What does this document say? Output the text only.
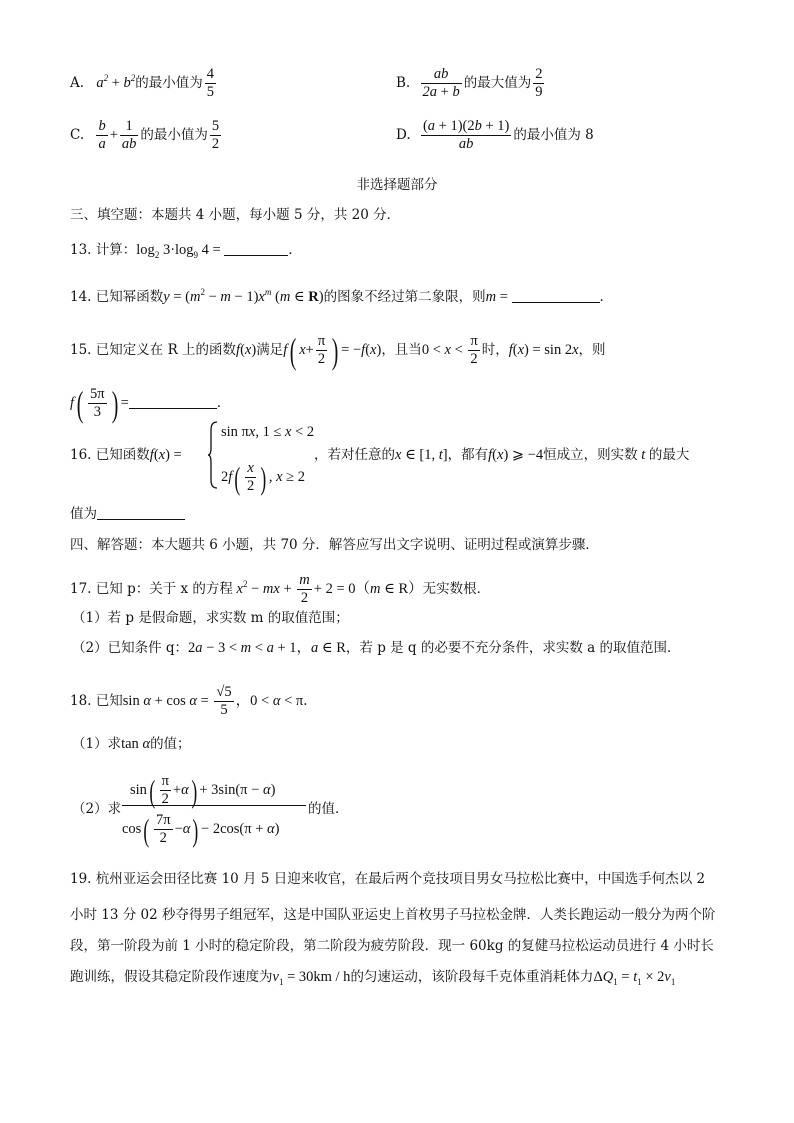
A. $a^2 + b^2$的最小值为 $\frac{4}{5}$	B. $\frac{ab}{2a + b}$ 的最大值为 $\frac{2}{9}$
C. $\frac{b}{a} + \frac{1}{ab}$ 的最小值为 $\frac{5}{2}$	D. $\frac{(a + 1)(2b + 1)}{ab}$ 的最小值为 8
非选择题部分
三、填空题：本题共 4 小题，每小题 5 分，共 20 分．
13. 计算：$\log_2 3\cdot\log_9$ 4 =	．
14. 已知幂函数$y = (m^2 - m - 1)x^m$ (m ∈ R)的图象不经过第二象限，则m =	．
15. 已知定义在 R 上的函数f(x)满足f( $x+ \frac{\pi}{2}$ ) = −f(x)，且当$0 < x < \frac{\pi}{2}$ 时，f(x) = sin 2x，则
$f( \frac{5\pi}{3}$ ) =	．
16. 已知函数f(x) =
sin πx, 1 ≤ x < 2
$2f( \frac{x}{2}$ ) , x ≥ 2
，若对任意的x ∈ [1, t]，都有f(x) ⩾ −4恒成立，则实数 t 的最大
值为
四、解答题：本大题共 6 小题，共 70 分．解答应写出文字说明、证明过程或演算步骤．
17. 已知 p：关于 x 的方程 $x^2$ − mx + $\frac{m}{2} + 2 = 0(m$ ∈ R）无实数根．
（1）若 p 是假命题，求实数 m 的取值范围；
（2）已知条件 q：2a − 3 < m < a + 1，a ∈ R，若 p 是 q 的必要不充分条件，求实数 a 的取值范围．
18. 已知$\sin \alpha + \cos \alpha = \frac{√5}{5}$ ，0 < α < π．
（1）求tan α的值；
（2）求
$\sin( \frac{\pi}{2} +\alpha) + 3\sin(\pi - \alpha)$
$\cos( \frac{7\pi}{2} -\alpha) - 2\cos(\pi + \alpha)$
的值．
19. 杭州亚运会田径比赛 10 月 5 日迎来收官，在最后两个竞技项目男女马拉松比赛中，中国选手何杰以 2
小时 13 分 02 秒夺得男子组冠军，这是中国队亚运史上首枚男子马拉松金牌．人类长跑运动一般分为两个阶
段，第一阶段为前 1 小时的稳定阶段，第二阶段为疲劳阶段．现一 60kg 的复健马拉松运动员进行 4 小时长
跑训练，假设其稳定阶段作速度为$v_1 = 30km / h$的匀速运动，该阶段每千克体重消耗体力$\Delta Q_1 = t_1 \times 2v_1$
